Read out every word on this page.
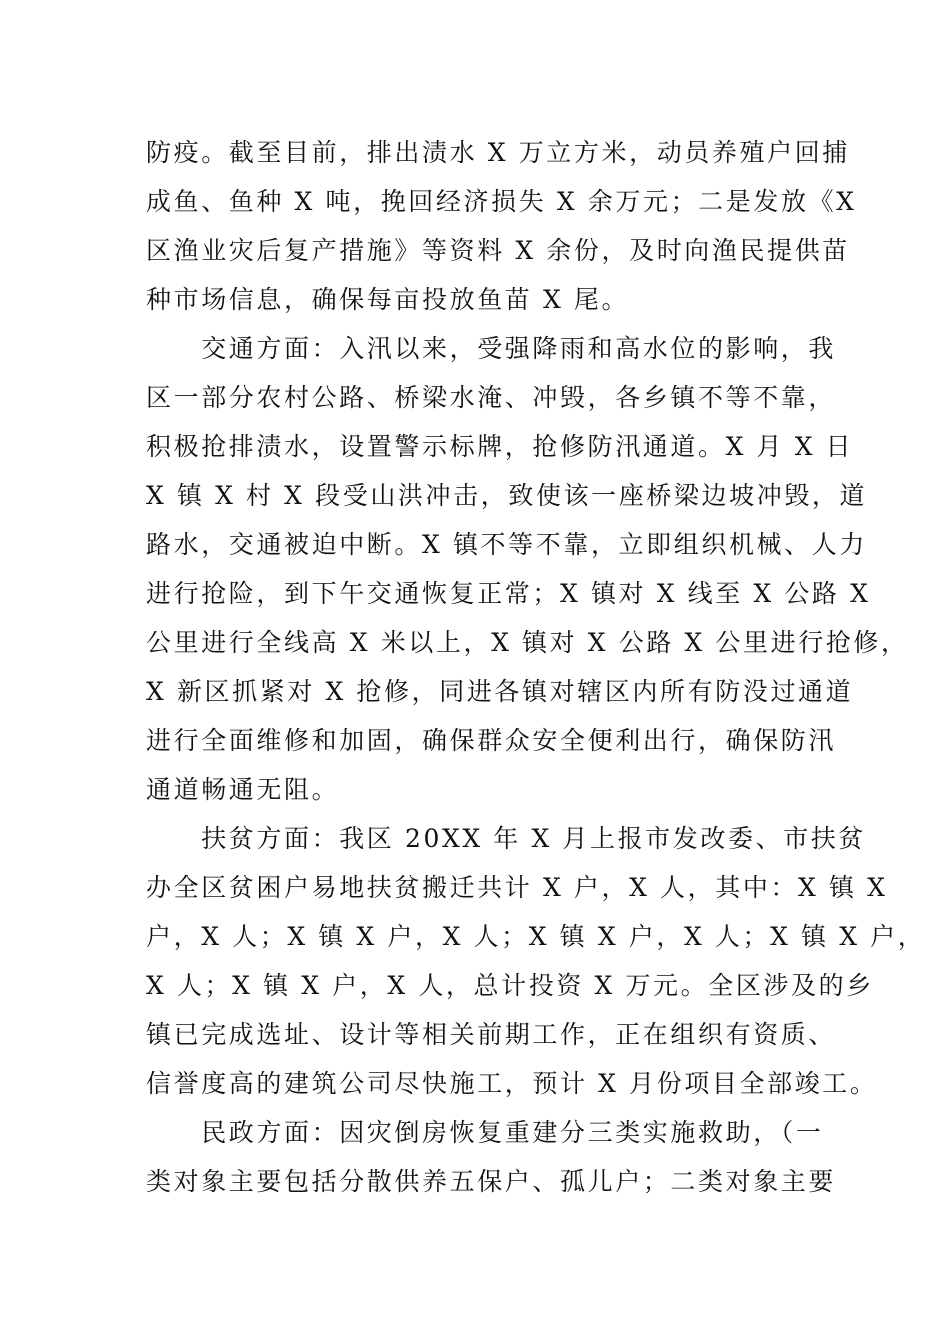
防疫。截至目前，排出渍水 X 万立方米，动员养殖户回捕
成鱼、鱼种 X 吨，挽回经济损失 X 余万元；二是发放《X
区渔业灾后复产措施》等资料 X 余份，及时向渔民提供苗
种市场信息，确保每亩投放鱼苗 X 尾。
　　交通方面：入汛以来，受强降雨和高水位的影响，我
区一部分农村公路、桥梁水淹、冲毁，各乡镇不等不靠，
积极抢排渍水，设置警示标牌，抢修防汛通道。X 月 X 日
X 镇 X 村 X 段受山洪冲击，致使该一座桥梁边坡冲毁，道
路水，交通被迫中断。X 镇不等不靠，立即组织机械、人力
进行抢险，到下午交通恢复正常；X 镇对 X 线至 X 公路 X
公里进行全线高 X 米以上，X 镇对 X 公路 X 公里进行抢修，
X 新区抓紧对 X 抢修，同进各镇对辖区内所有防没过通道
进行全面维修和加固，确保群众安全便利出行，确保防汛
通道畅通无阻。
　　扶贫方面：我区 20XX 年 X 月上报市发改委、市扶贫
办全区贫困户易地扶贫搬迁共计 X 户，X 人，其中：X 镇 X
户，X 人；X 镇 X 户，X 人；X 镇 X 户，X 人；X 镇 X 户，
X 人；X 镇 X 户，X 人，总计投资 X 万元。全区涉及的乡
镇已完成选址、设计等相关前期工作，正在组织有资质、
信誉度高的建筑公司尽快施工，预计 X 月份项目全部竣工。
　　民政方面：因灾倒房恢复重建分三类实施救助，（一
类对象主要包括分散供养五保户、孤儿户；二类对象主要
